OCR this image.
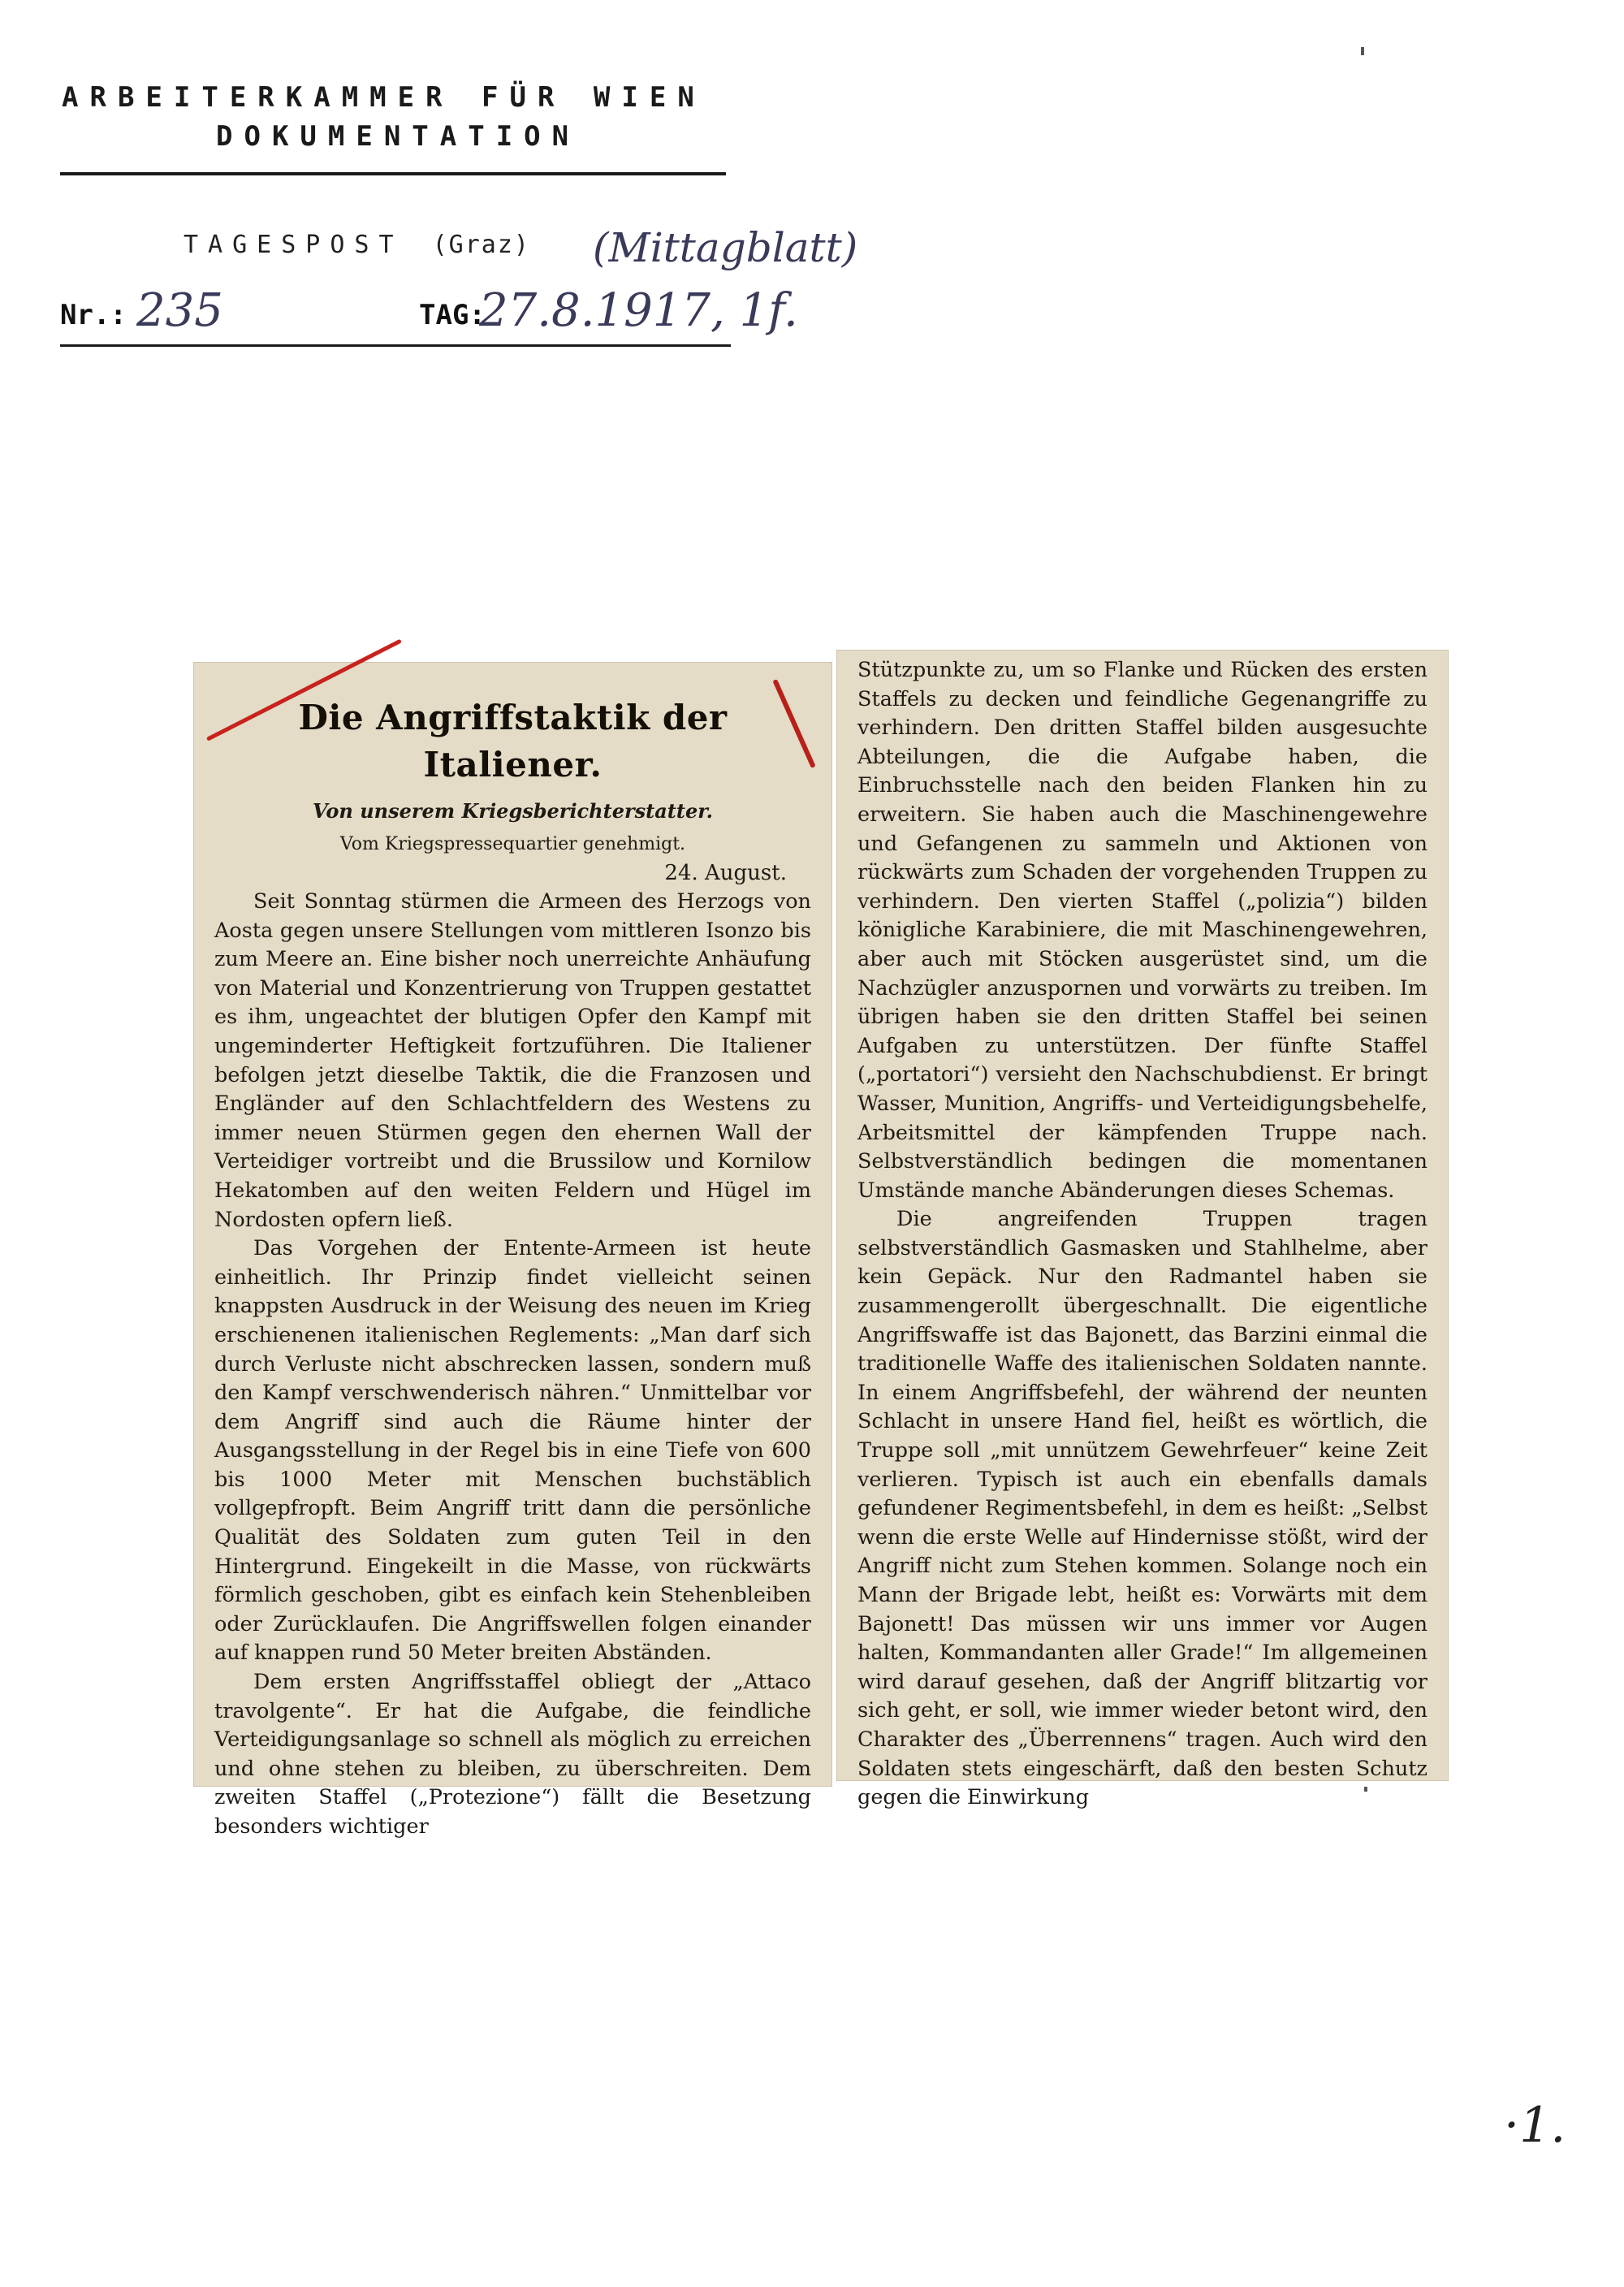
ARBEITERKAMMER FÜR WIEN
DOKUMENTATION
TAGESPOST (Graz) (Mittagblatt)
Nr.: 235	TAG:
27.8.1917, 1f.
Die Angriffstaktik der Italiener.
Von unserem Kriegsberichterstatter.
Vom Kriegspressequartier genehmigt.
24. August.

Seit Sonntag stürmen die Armeen des Herzogs von Aosta gegen unsere Stellungen vom mittleren Isonzo bis zum Meere an. Eine bisher noch unerreichte Anhäufung von Material und Konzentrierung von Truppen gestattet es ihm, ungeachtet der blutigen Opfer den Kampf mit ungeminderter Heftigkeit fortzuführen. Die Italiener befolgen jetzt dieselbe Taktik, die die Franzosen und Engländer auf den Schlachtfeldern des Westens zu immer neuen Stürmen gegen den ehernen Wall der Verteidiger vortreibt und die Brussilow und Kornilow Hekatomben auf den weiten Feldern und Hügel im Nordosten opfern ließ.

Das Vorgehen der Entente-Armeen ist heute einheitlich. Ihr Prinzip findet vielleicht seinen knappsten Ausdruck in der Weisung des neuen im Krieg erschienenen italienischen Reglements: „Man darf sich durch Verluste nicht abschrecken lassen, sondern muß den Kampf verschwenderisch nähren.“ Unmittelbar vor dem Angriff sind auch die Räume hinter der Ausgangsstellung in der Regel bis in eine Tiefe von 600 bis 1000 Meter mit Menschen buchstäblich vollgepfropft. Beim Angriff tritt dann die persönliche Qualität des Soldaten zum guten Teil in den Hintergrund. Eingekeilt in die Masse, von rückwärts förmlich geschoben, gibt es einfach kein Stehenbleiben oder Zurücklaufen. Die Angriffswellen folgen einander auf knappen rund 50 Meter breiten Abständen.

Dem ersten Angriffsstaffel obliegt der „Attaco travolgente“. Er hat die Aufgabe, die feindliche Verteidigungsanlage so schnell als möglich zu erreichen und ohne stehen zu bleiben, zu überschreiten. Dem zweiten Staffel („Protezione“) fällt die Besetzung besonders wichtiger

Stützpunkte zu, um so Flanke und Rücken des ersten Staffels zu decken und feindliche Gegenangriffe zu verhindern. Den dritten Staffel bilden ausgesuchte Abteilungen, die die Aufgabe haben, die Einbruchsstelle nach den beiden Flanken hin zu erweitern. Sie haben auch die Maschinengewehre und Gefangenen zu sammeln und Aktionen von rückwärts zum Schaden der vorgehenden Truppen zu verhindern. Den vierten Staffel („polizia“) bilden königliche Karabiniere, die mit Maschinengewehren, aber auch mit Stöcken ausgerüstet sind, um die Nachzügler anzuspornen und vorwärts zu treiben. Im übrigen haben sie den dritten Staffel bei seinen Aufgaben zu unterstützen. Der fünfte Staffel („portatori“) versieht den Nachschubdienst. Er bringt Wasser, Munition, Angriffs- und Verteidigungsbehelfe, Arbeitsmittel der kämpfenden Truppe nach. Selbstverständlich bedingen die momentanen Umstände manche Abänderungen dieses Schemas.

Die angreifenden Truppen tragen selbstverständlich Gasmasken und Stahlhelme, aber kein Gepäck. Nur den Radmantel haben sie zusammengerollt übergeschnallt. Die eigentliche Angriffswaffe ist das Bajonett, das Barzini einmal die traditionelle Waffe des italienischen Soldaten nannte. In einem Angriffsbefehl, der während der neunten Schlacht in unsere Hand fiel, heißt es wörtlich, die Truppe soll „mit unnützem Gewehrfeuer“ keine Zeit verlieren. Typisch ist auch ein ebenfalls damals gefundener Regimentsbefehl, in dem es heißt: „Selbst wenn die erste Welle auf Hindernisse stößt, wird der Angriff nicht zum Stehen kommen. Solange noch ein Mann der Brigade lebt, heißt es: Vorwärts mit dem Bajonett! Das müssen wir uns immer vor Augen halten, Kommandanten aller Grade!“ Im allgemeinen wird darauf gesehen, daß der Angriff blitzartig vor sich geht, er soll, wie immer wieder betont wird, den Charakter des „Überrennens“ tragen. Auch wird den Soldaten stets eingeschärft, daß den besten Schutz gegen die Einwirkung

·1.
